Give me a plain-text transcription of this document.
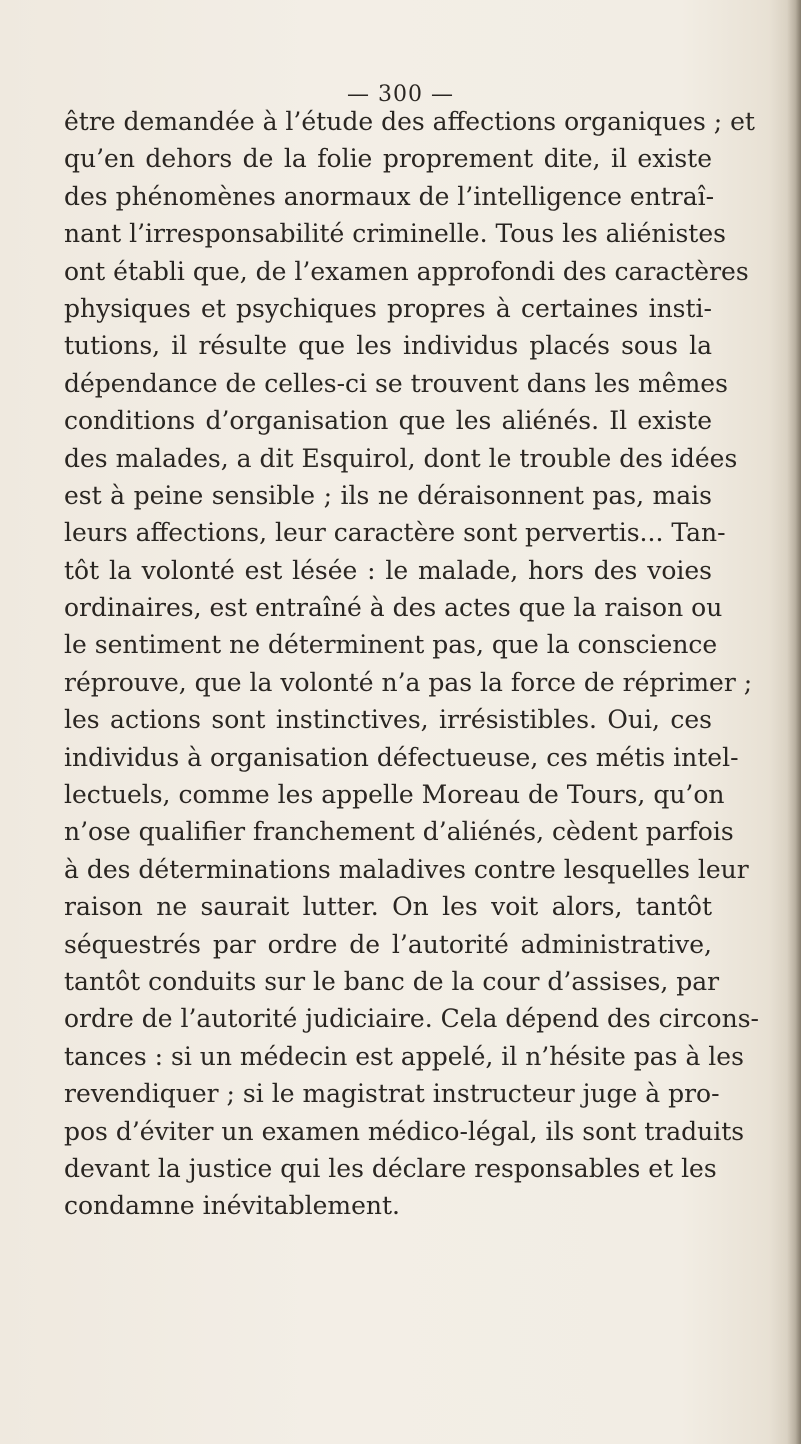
— 300 —
être demandée à l’étude des affections organiques ; et
qu’en dehors de la folie proprement dite, il existe
des phénomènes anormaux de l’intelligence entraî-
nant l’irresponsabilité criminelle. Tous les aliénistes
ont établi que, de l’examen approfondi des caractères
physiques et psychiques propres à certaines insti-
tutions, il résulte que les individus placés sous la
dépendance de celles-ci se trouvent dans les mêmes
conditions d’organisation que les aliénés. Il existe
des malades, a dit Esquirol, dont le trouble des idées
est à peine sensible ; ils ne déraisonnent pas, mais
leurs affections, leur caractère sont pervertis... Tan-
tôt la volonté est lésée : le malade, hors des voies
ordinaires, est entraîné à des actes que la raison ou
le sentiment ne déterminent pas, que la conscience
réprouve, que la volonté n’a pas la force de réprimer ;
les actions sont instinctives, irrésistibles. Oui, ces
individus à organisation défectueuse, ces métis intel-
lectuels, comme les appelle Moreau de Tours, qu’on
n’ose qualifier franchement d’aliénés, cèdent parfois
à des déterminations maladives contre lesquelles leur
raison ne saurait lutter. On les voit alors, tantôt
séquestrés par ordre de l’autorité administrative,
tantôt conduits sur le banc de la cour d’assises, par
ordre de l’autorité judiciaire. Cela dépend des circons-
tances : si un médecin est appelé, il n’hésite pas à les
revendiquer ; si le magistrat instructeur juge à pro-
pos d’éviter un examen médico-légal, ils sont traduits
devant la justice qui les déclare responsables et les
condamne inévitablement.
